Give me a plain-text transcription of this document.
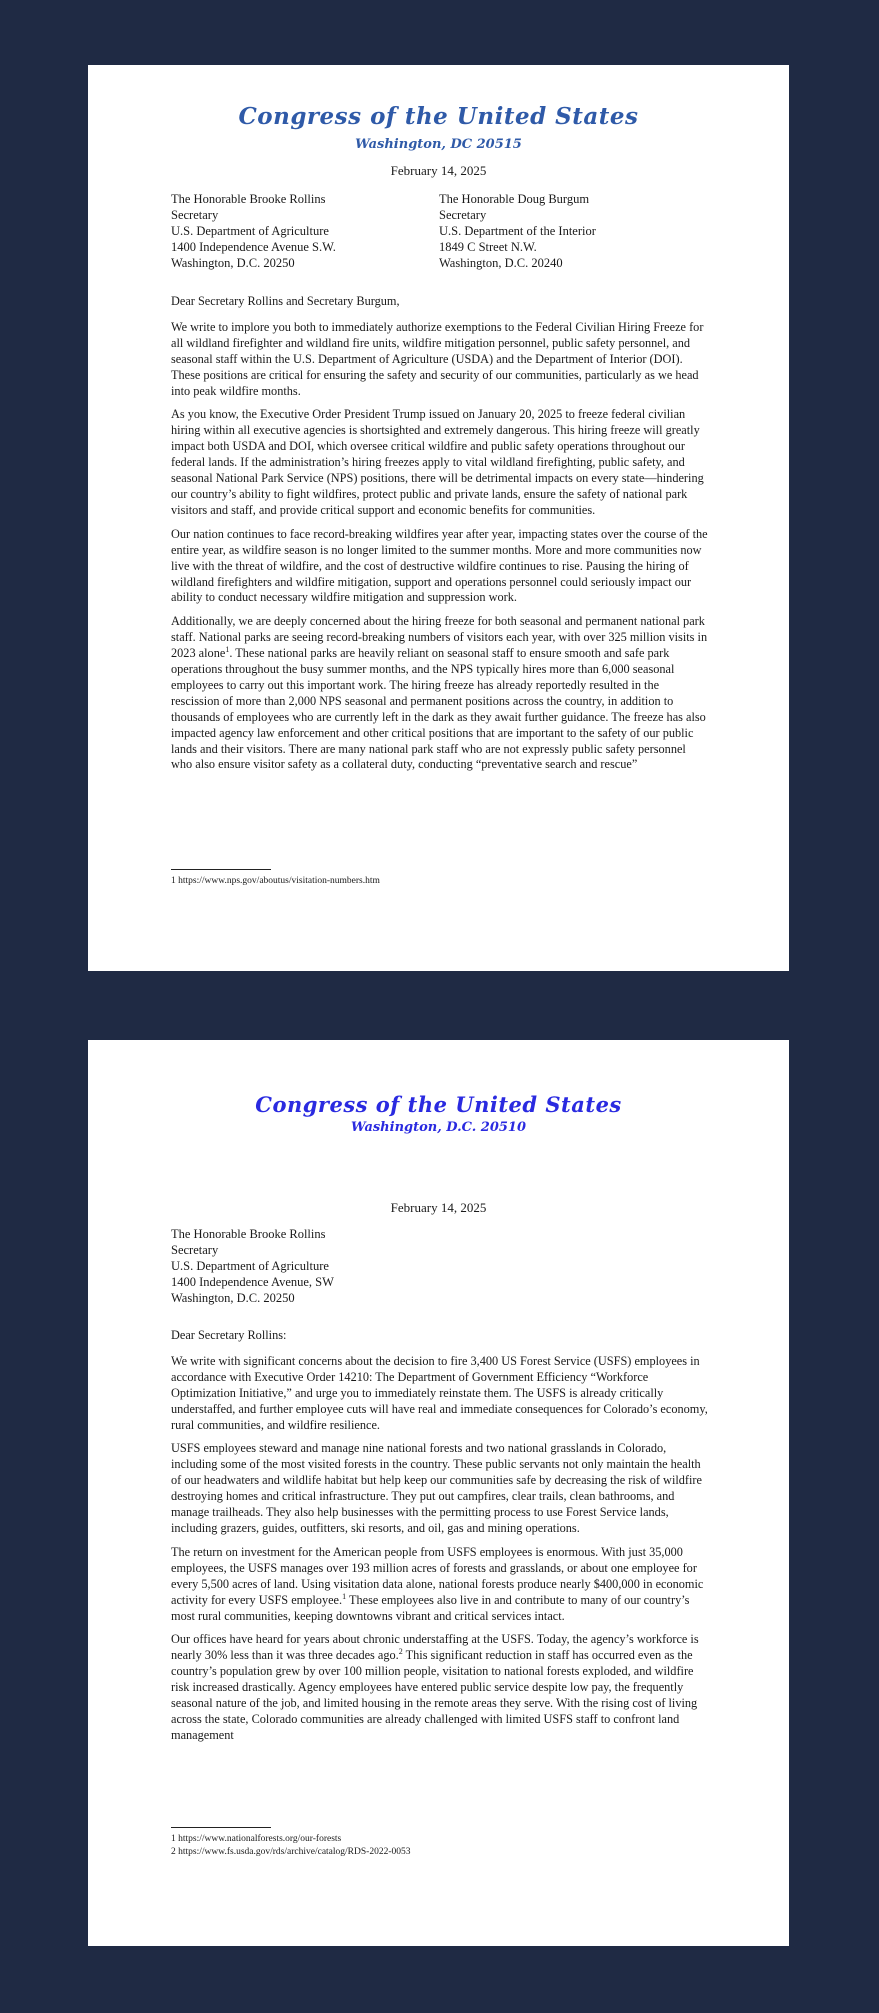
Congress of the United States
Washington, DC 20515
February 14, 2025
The Honorable Brooke Rollins
Secretary
U.S. Department of Agriculture
1400 Independence Avenue S.W.
Washington, D.C. 20250
The Honorable Doug Burgum
Secretary
U.S. Department of the Interior
1849 C Street N.W.
Washington, D.C. 20240

Dear Secretary Rollins and Secretary Burgum,

We write to implore you both to immediately authorize exemptions to the Federal Civilian Hiring Freeze for all wildland firefighter and wildland fire units, wildfire mitigation personnel, public safety personnel, and seasonal staff within the U.S. Department of Agriculture (USDA) and the Department of Interior (DOI). These positions are critical for ensuring the safety and security of our communities, particularly as we head into peak wildfire months.

As you know, the Executive Order President Trump issued on January 20, 2025 to freeze federal civilian hiring within all executive agencies is shortsighted and extremely dangerous. This hiring freeze will greatly impact both USDA and DOI, which oversee critical wildfire and public safety operations throughout our federal lands. If the administration’s hiring freezes apply to vital wildland firefighting, public safety, and seasonal National Park Service (NPS) positions, there will be detrimental impacts on every state—hindering our country’s ability to fight wildfires, protect public and private lands, ensure the safety of national park visitors and staff, and provide critical support and economic benefits for communities.

Our nation continues to face record-breaking wildfires year after year, impacting states over the course of the entire year, as wildfire season is no longer limited to the summer months. More and more communities now live with the threat of wildfire, and the cost of destructive wildfire continues to rise. Pausing the hiring of wildland firefighters and wildfire mitigation, support and operations personnel could seriously impact our ability to conduct necessary wildfire mitigation and suppression work.

Additionally, we are deeply concerned about the hiring freeze for both seasonal and permanent national park staff. National parks are seeing record-breaking numbers of visitors each year, with over 325 million visits in 2023 alone$^1$. These national parks are heavily reliant on seasonal staff to ensure smooth and safe park operations throughout the busy summer months, and the NPS typically hires more than 6,000 seasonal employees to carry out this important work. The hiring freeze has already reportedly resulted in the rescission of more than 2,000 NPS seasonal and permanent positions across the country, in addition to thousands of employees who are currently left in the dark as they await further guidance. The freeze has also impacted agency law enforcement and other critical positions that are important to the safety of our public lands and their visitors. There are many national park staff who are not expressly public safety personnel who also ensure visitor safety as a collateral duty, conducting “preventative search and rescue”

1 https://www.nps.gov/aboutus/visitation-numbers.htm
Congress of the United States
Washington, D.C. 20510
February 14, 2025
The Honorable Brooke Rollins
Secretary
U.S. Department of Agriculture
1400 Independence Avenue, SW
Washington, D.C. 20250

Dear Secretary Rollins:

We write with significant concerns about the decision to fire 3,400 US Forest Service (USFS) employees in accordance with Executive Order 14210: The Department of Government Efficiency “Workforce Optimization Initiative,” and urge you to immediately reinstate them. The USFS is already critically understaffed, and further employee cuts will have real and immediate consequences for Colorado’s economy, rural communities, and wildfire resilience.

USFS employees steward and manage nine national forests and two national grasslands in Colorado, including some of the most visited forests in the country. These public servants not only maintain the health of our headwaters and wildlife habitat but help keep our communities safe by decreasing the risk of wildfire destroying homes and critical infrastructure. They put out campfires, clear trails, clean bathrooms, and manage trailheads. They also help businesses with the permitting process to use Forest Service lands, including grazers, guides, outfitters, ski resorts, and oil, gas and mining operations.

The return on investment for the American people from USFS employees is enormous. With just 35,000 employees, the USFS manages over 193 million acres of forests and grasslands, or about one employee for every 5,500 acres of land. Using visitation data alone, national forests produce nearly $400,000 in economic activity for every USFS employee.$^1$ These employees also live in and contribute to many of our country’s most rural communities, keeping downtowns vibrant and critical services intact.

Our offices have heard for years about chronic understaffing at the USFS. Today, the agency’s workforce is nearly 30% less than it was three decades ago.$^2$ This significant reduction in staff has occurred even as the country’s population grew by over 100 million people, visitation to national forests exploded, and wildfire risk increased drastically. Agency employees have entered public service despite low pay, the frequently seasonal nature of the job, and limited housing in the remote areas they serve. With the rising cost of living across the state, Colorado communities are already challenged with limited USFS staff to confront land management

1 https://www.nationalforests.org/our-forests
2 https://www.fs.usda.gov/rds/archive/catalog/RDS-2022-0053
